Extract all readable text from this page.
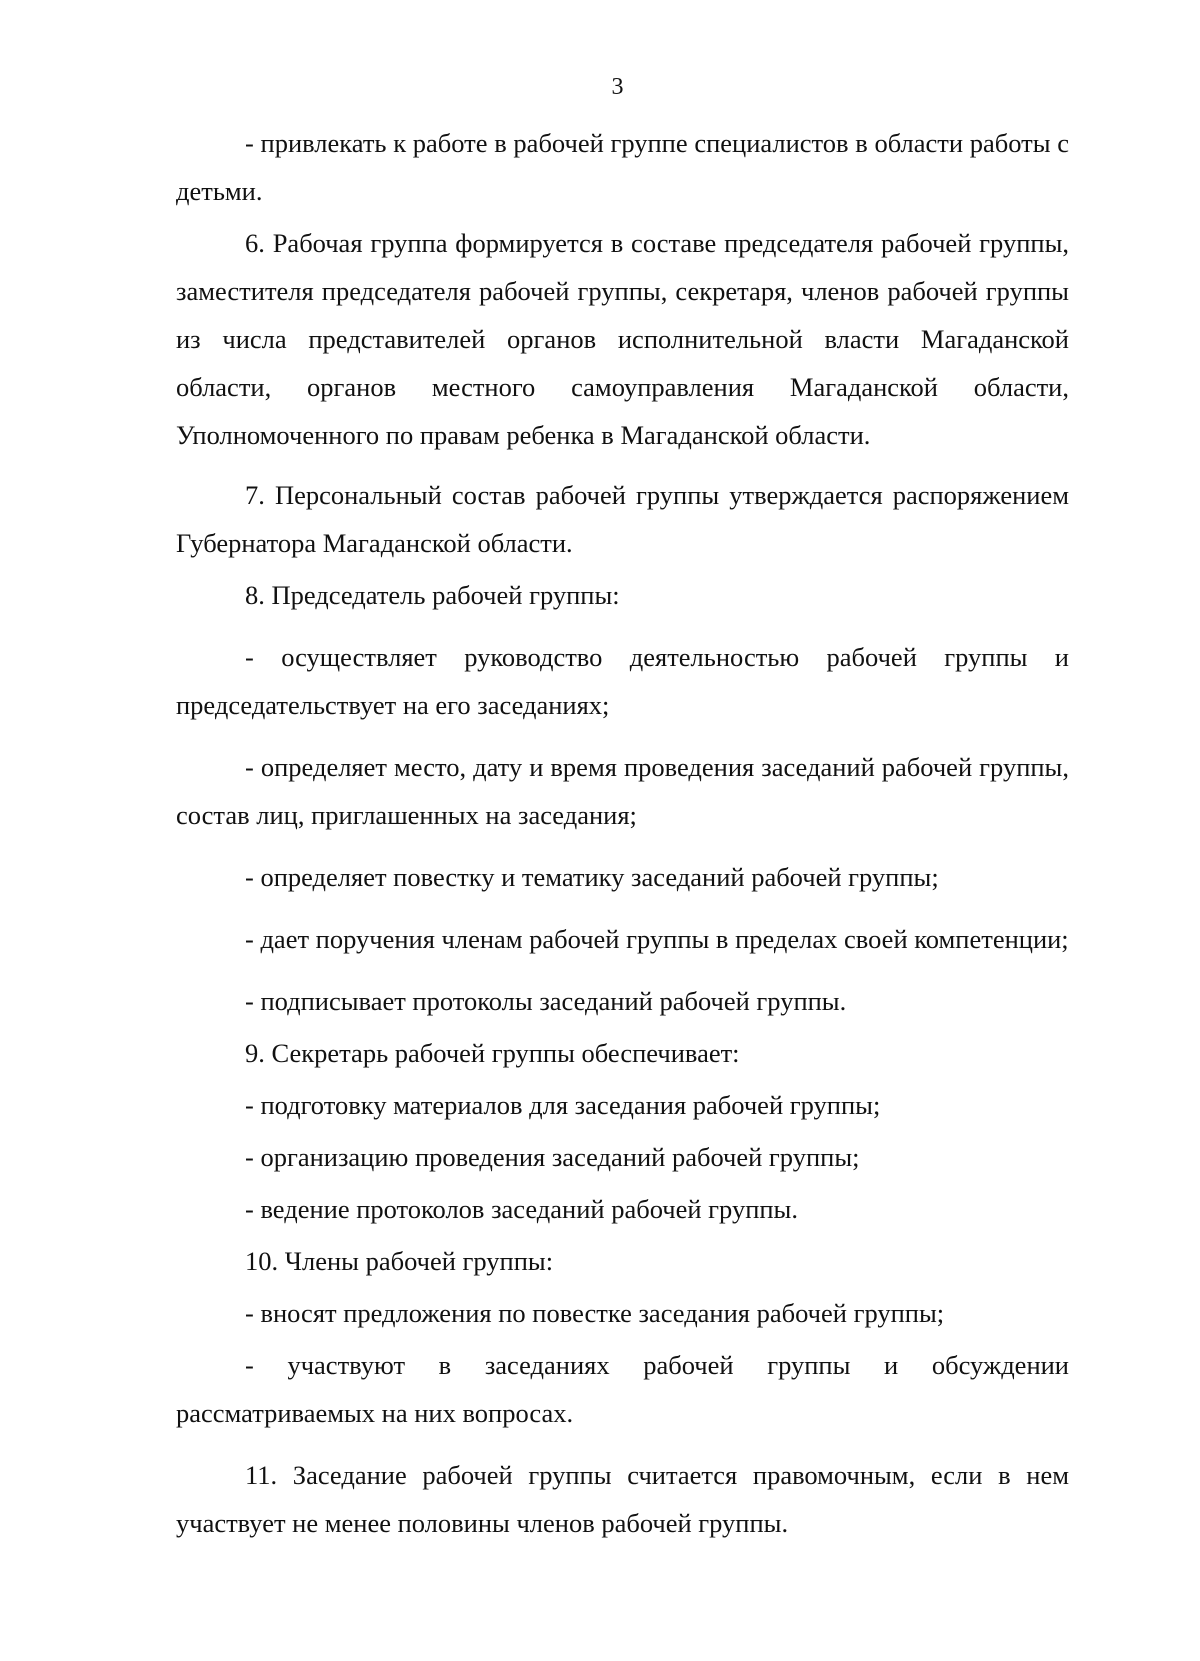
3

- привлекать к работе в рабочей группе специалистов в области работы с детьми.

6. Рабочая группа формируется в составе председателя рабочей группы, заместителя председателя рабочей группы, секретаря, членов рабочей группы из числа представителей органов исполнительной власти Магаданской области, органов местного самоуправления Магаданской области, Уполномоченного по правам ребенка в Магаданской области.

7. Персональный состав рабочей группы утверждается распоряжением Губернатора Магаданской области.

8. Председатель рабочей группы:

- осуществляет руководство деятельностью рабочей группы и председательствует на его заседаниях;

- определяет место, дату и время проведения заседаний рабочей группы, состав лиц, приглашенных на заседания;

- определяет повестку и тематику заседаний рабочей группы;

- дает поручения членам рабочей группы в пределах своей компетенции;

- подписывает протоколы заседаний рабочей группы.

9. Секретарь рабочей группы обеспечивает:

- подготовку материалов для заседания рабочей группы;

- организацию проведения заседаний рабочей группы;

- ведение протоколов заседаний рабочей группы.

10. Члены рабочей группы:

- вносят предложения по повестке заседания рабочей группы;

- участвуют в заседаниях рабочей группы и обсуждении рассматриваемых на них вопросах.

11. Заседание рабочей группы считается правомочным, если в нем участвует не менее половины членов рабочей группы.
